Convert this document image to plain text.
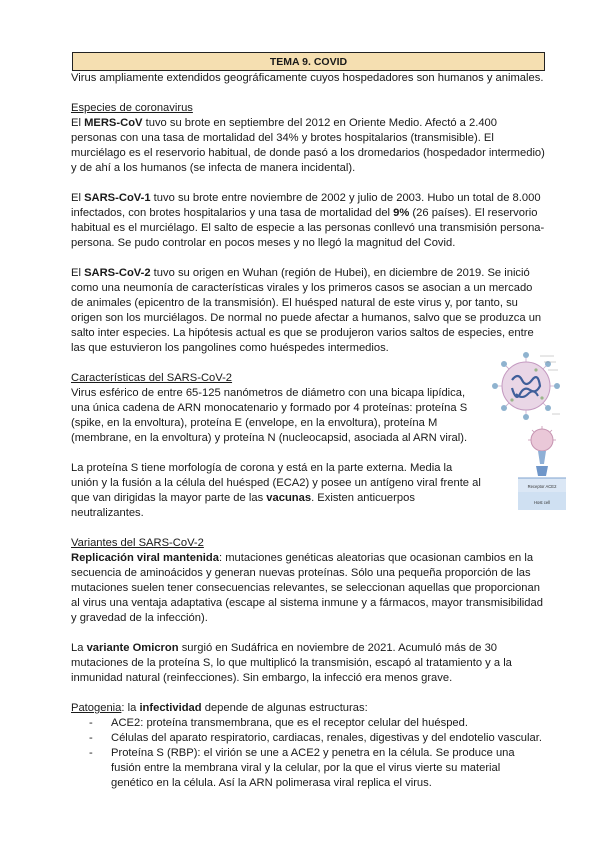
TEMA 9. COVID

Virus ampliamente extendidos geográficamente cuyos hospedadores son humanos y animales.

Especies de coronavirus

El MERS-CoV tuvo su brote en septiembre del 2012 en Oriente Medio. Afectó a 2.400 personas con una tasa de mortalidad del 34% y brotes hospitalarios (transmisible). El murciélago es el reservorio habitual, de donde pasó a los dromedarios (hospedador intermedio) y de ahí a los humanos (se infecta de manera incidental).

El SARS-CoV-1 tuvo su brote entre noviembre de 2002 y julio de 2003. Hubo un total de 8.000 infectados, con brotes hospitalarios y una tasa de mortalidad del 9% (26 países). El reservorio habitual es el murciélago. El salto de especie a las personas conllevó una transmisión persona-persona. Se pudo controlar en pocos meses y no llegó la magnitud del Covid.

El SARS-CoV-2 tuvo su origen en Wuhan (región de Hubei), en diciembre de 2019. Se inició como una neumonía de características virales y los primeros casos se asocian a un mercado de animales (epicentro de la transmisión). El huésped natural de este virus y, por tanto, su origen son los murciélagos. De normal no puede afectar a humanos, salvo que se produzca un salto inter especies. La hipótesis actual es que se produjeron varios saltos de especies, entre las que estuvieron los pangolines como huéspedes intermedios.

Características del SARS-CoV-2

Virus esférico de entre 65-125 nanómetros de diámetro con una bicapa lipídica, una única cadena de ARN monocatenario y formado por 4 proteínas: proteína S (spike, en la envoltura), proteína E (envelope, en la envoltura), proteína M (membrane, en la envoltura) y proteína N (nucleocapsid, asociada al ARN viral).

La proteína S tiene morfología de corona y está en la parte externa. Media la unión y la fusión a la célula del huésped (ECA2) y posee un antígeno viral frente al que van dirigidas la mayor parte de las vacunas. Existen anticuerpos neutralizantes.

Variantes del SARS-CoV-2

Replicación viral mantenida: mutaciones genéticas aleatorias que ocasionan cambios en la secuencia de aminoácidos y generan nuevas proteínas. Sólo una pequeña proporción de las mutaciones suelen tener consecuencias relevantes, se seleccionan aquellas que proporcionan al virus una ventaja adaptativa (escape al sistema inmune y a fármacos, mayor transmisibilidad y gravedad de la infección).

La variante Omicron surgió en Sudáfrica en noviembre de 2021. Acumuló más de 30 mutaciones de la proteína S, lo que multiplicó la transmisión, escapó al tratamiento y a la inmunidad natural (reinfecciones). Sin embargo, la infecció era menos grave.

Patogenia: la infectividad depende de algunas estructuras:

- ACE2: proteína transmembrana, que es el receptor celular del huésped.
- Células del aparato respiratorio, cardiacas, renales, digestivas y del endotelio vascular.
- Proteína S (RBP): el virión se une a ACE2 y penetra en la célula. Se produce una fusión entre la membrana viral y la celular, por la que el virus vierte su material genético en la célula. Así la ARN polimerasa viral replica el virus.
Receptor ACE2
Host cell
